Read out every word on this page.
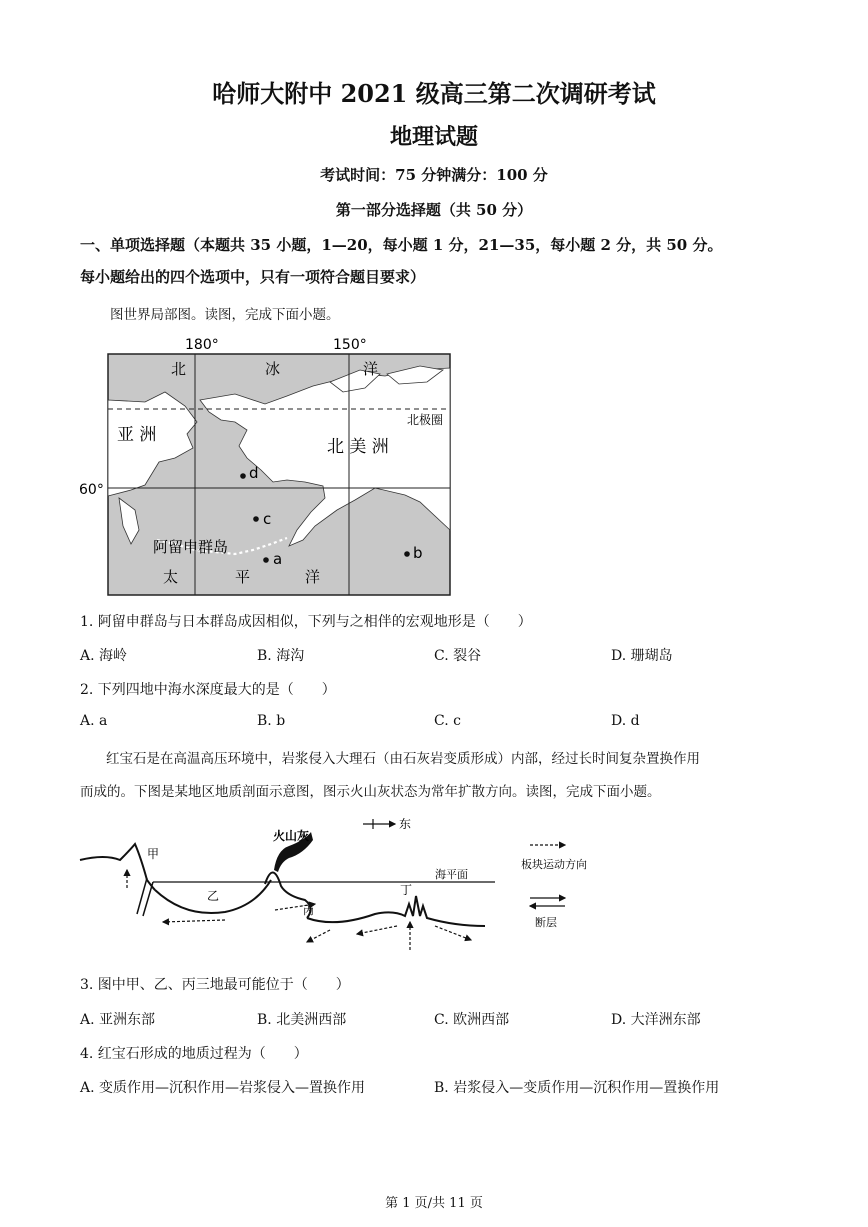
哈师大附中 2021 级高三第二次调研考试
地理试题
考试时间：75 分钟满分：100 分
第一部分选择题（共 50 分）
一、单项选择题（本题共 35 小题，1—20，每小题 1 分，21—35，每小题 2 分，共 50 分。
每小题给出的四个选项中，只有一项符合题目要求）
图世界局部图。读图，完成下面小题。
180°	150°
60°
北	冰	洋
北极圈
亚 洲
北 美 洲
d
c
阿留申群岛
a	b
太	平	洋
1. 阿留申群岛与日本群岛成因相似，下列与之相伴的宏观地形是（　　）
A. 海岭	B. 海沟	C. 裂谷	D. 珊瑚岛
2. 下列四地中海水深度最大的是（　　）
A. a	B. b	C. c	D. d
红宝石是在高温高压环境中，岩浆侵入大理石（由石灰岩变质形成）内部，经过长时间复杂置换作用
而成的。下图是某地区地质剖面示意图，图示火山灰状态为常年扩散方向。读图，完成下面小题。
东
海平面
甲
乙
火山灰
丙
丁
板块运动方向
断层
3. 图中甲、乙、丙三地最可能位于（　　）
A. 亚洲东部	B. 北美洲西部	C. 欧洲西部	D. 大洋洲东部
4. 红宝石形成的地质过程为（　　）
A. 变质作用—沉积作用—岩浆侵入—置换作用	B. 岩浆侵入—变质作用—沉积作用—置换作用
第 1 页/共 11 页
